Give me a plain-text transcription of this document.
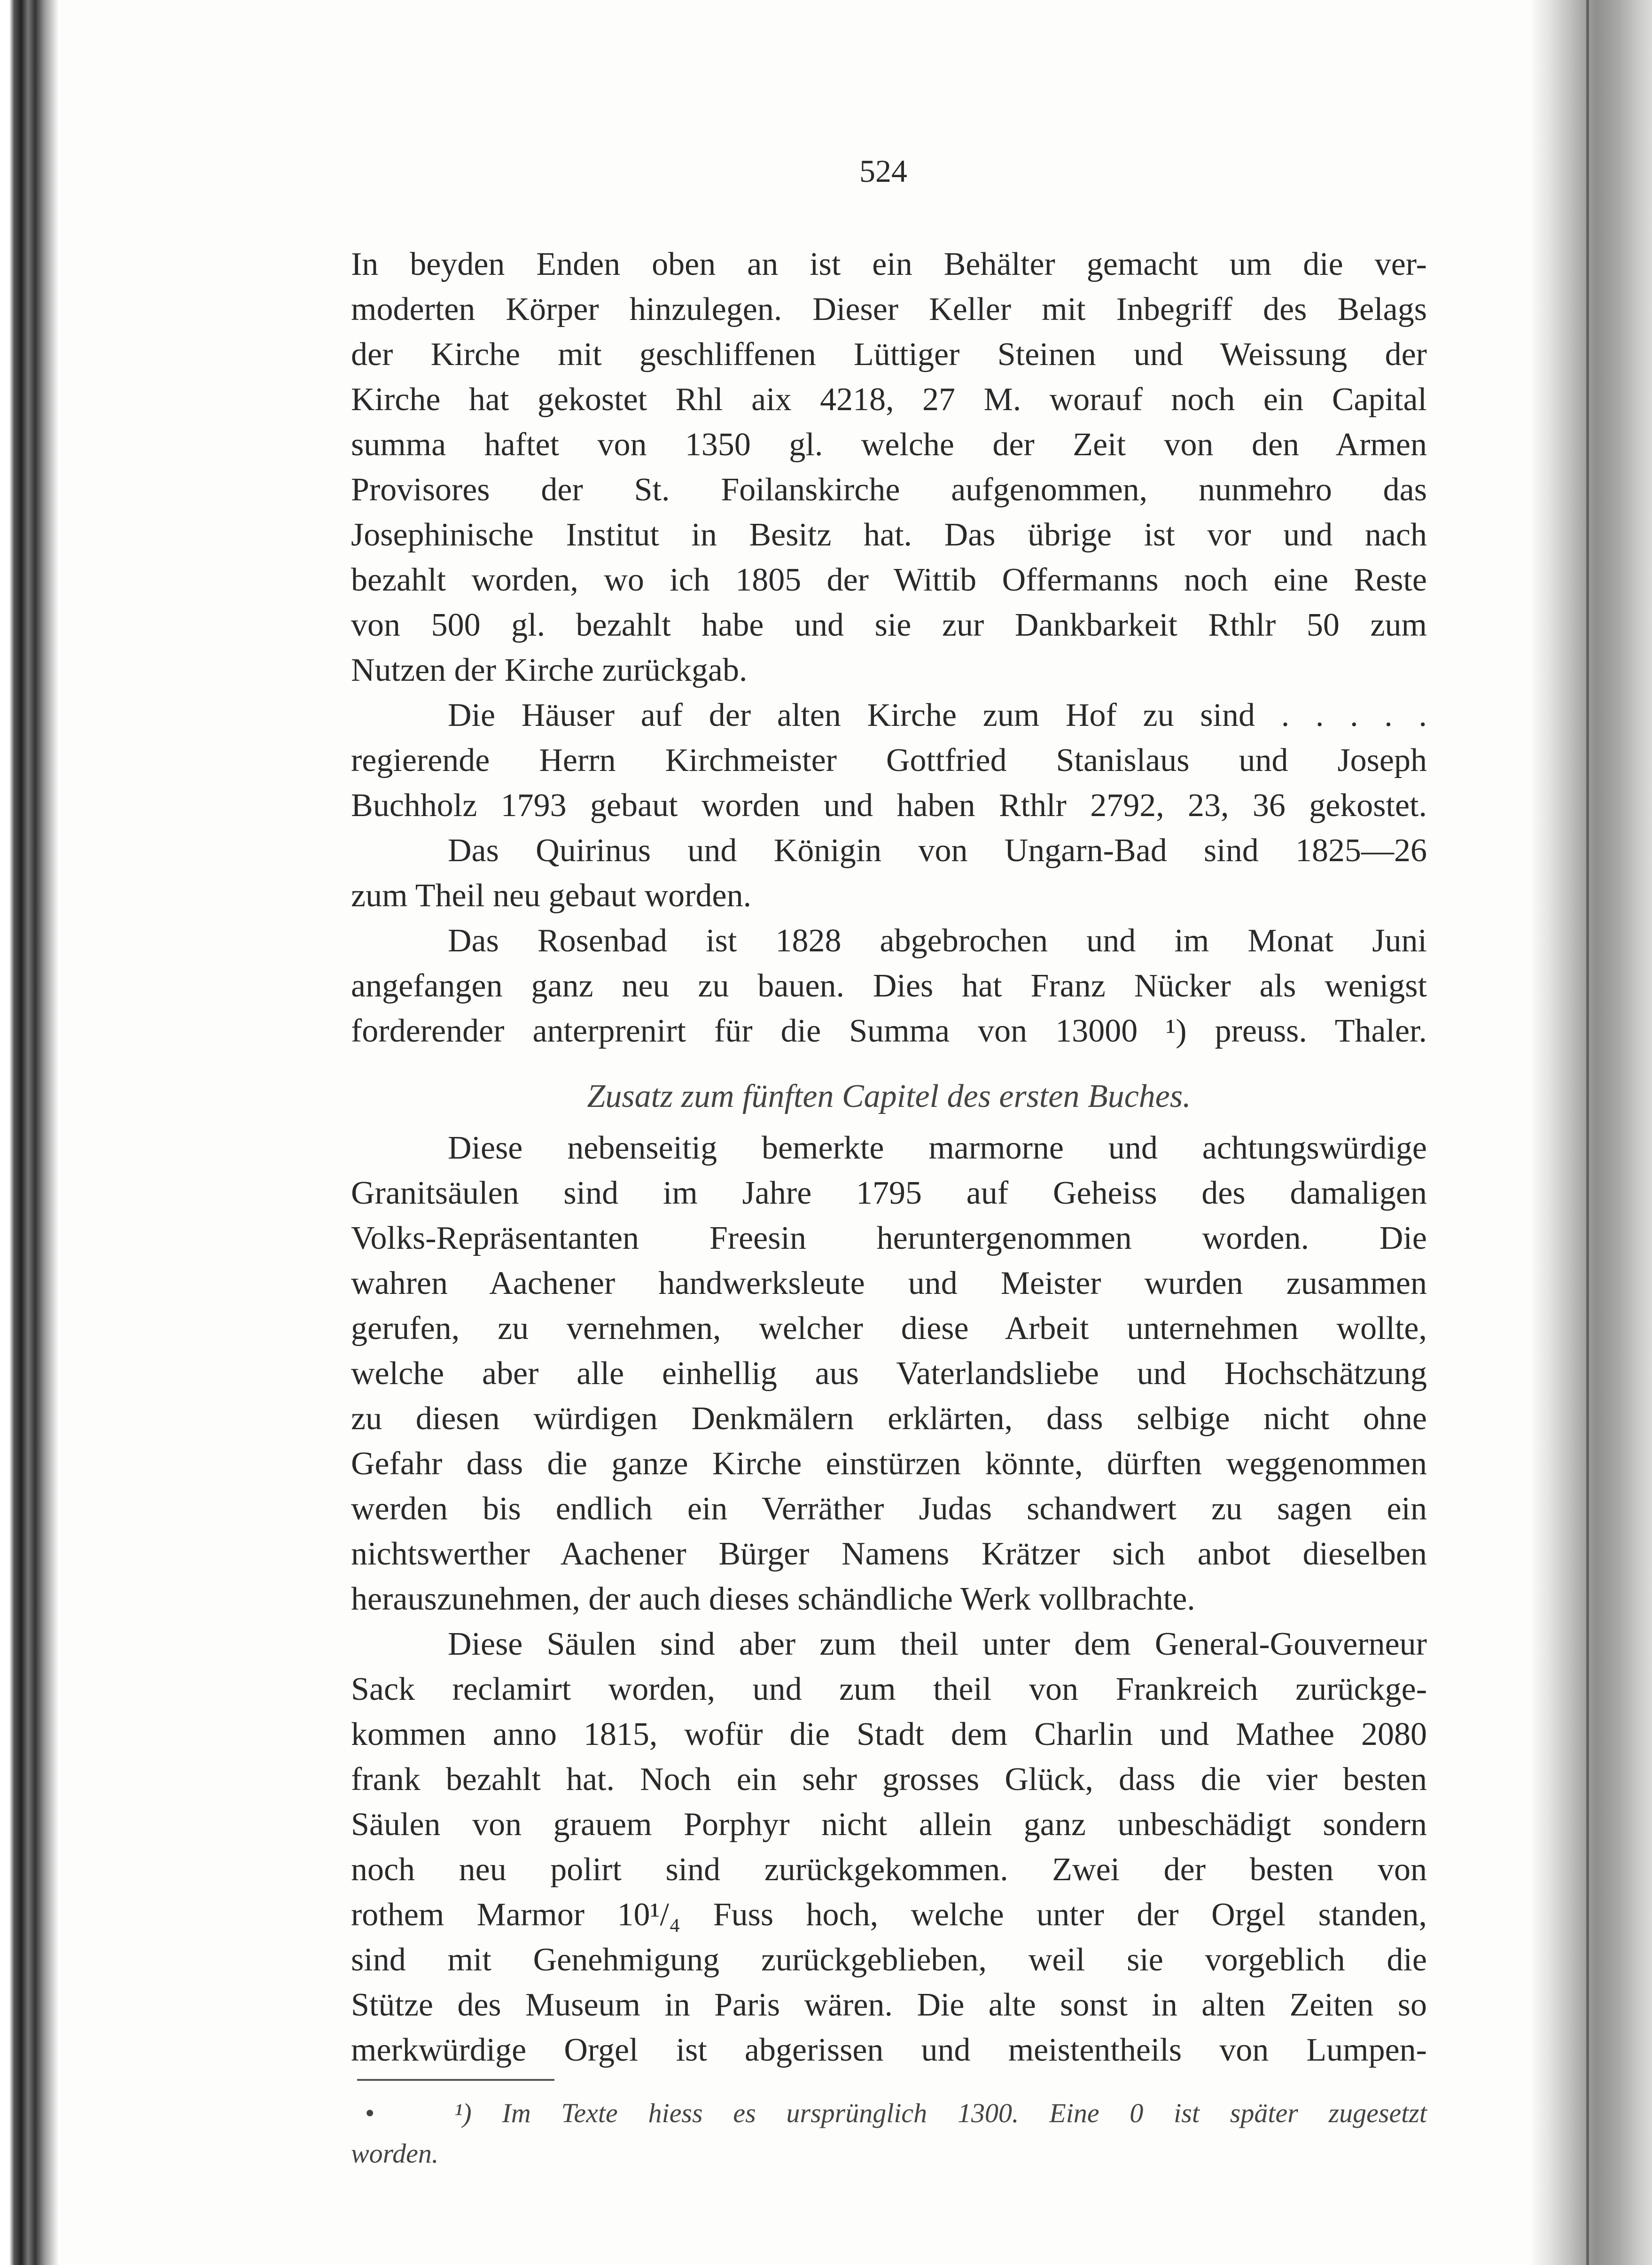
524
In beyden Enden oben an ist ein Behälter gemacht um die ver-
moderten Körper hinzulegen. Dieser Keller mit Inbegriff des Belags
der Kirche mit geschliffenen Lüttiger Steinen und Weissung der
Kirche hat gekostet Rhl aix 4218, 27 M. worauf noch ein Capital
summa haftet von 1350 gl. welche der Zeit von den Armen
Provisores der St. Foilanskirche aufgenommen, nunmehro das
Josephinische Institut in Besitz hat. Das übrige ist vor und nach
bezahlt worden, wo ich 1805 der Wittib Offermanns noch eine Reste
von 500 gl. bezahlt habe und sie zur Dankbarkeit Rthlr 50 zum
Nutzen der Kirche zurückgab.
Die Häuser auf der alten Kirche zum Hof zu sind . . . . .
regierende Herrn Kirchmeister Gottfried Stanislaus und Joseph
Buchholz 1793 gebaut worden und haben Rthlr 2792, 23, 36 gekostet.
Das Quirinus und Königin von Ungarn-Bad sind 1825—26
zum Theil neu gebaut worden.
Das Rosenbad ist 1828 abgebrochen und im Monat Juni
angefangen ganz neu zu bauen. Dies hat Franz Nücker als wenigst
forderender anterprenirt für die Summa von 13000 ¹) preuss. Thaler.
Zusatz zum fünften Capitel des ersten Buches.
Diese nebenseitig bemerkte marmorne und achtungswürdige
Granitsäulen sind im Jahre 1795 auf Geheiss des damaligen
Volks-Repräsentanten Freesin heruntergenommen worden. Die
wahren Aachener handwerksleute und Meister wurden zusammen
gerufen, zu vernehmen, welcher diese Arbeit unternehmen wollte,
welche aber alle einhellig aus Vaterlandsliebe und Hochschätzung
zu diesen würdigen Denkmälern erklärten, dass selbige nicht ohne
Gefahr dass die ganze Kirche einstürzen könnte, dürften weggenommen
werden bis endlich ein Verräther Judas schandwert zu sagen ein
nichtswerther Aachener Bürger Namens Krätzer sich anbot dieselben
herauszunehmen, der auch dieses schändliche Werk vollbrachte.
Diese Säulen sind aber zum theil unter dem General-Gouverneur
Sack reclamirt worden, und zum theil von Frankreich zurückge-
kommen anno 1815, wofür die Stadt dem Charlin und Mathee 2080
frank bezahlt hat. Noch ein sehr grosses Glück, dass die vier besten
Säulen von grauem Porphyr nicht allein ganz unbeschädigt sondern
noch neu polirt sind zurückgekommen. Zwei der besten von
rothem Marmor 10¹/₄ Fuss hoch, welche unter der Orgel standen,
sind mit Genehmigung zurückgeblieben, weil sie vorgeblich die
Stütze des Museum in Paris wären. Die alte sonst in alten Zeiten so
merkwürdige Orgel ist abgerissen und meistentheils von Lumpen-
•	¹) Im Texte hiess es ursprünglich 1300. Eine 0 ist später zugesetzt
worden.
